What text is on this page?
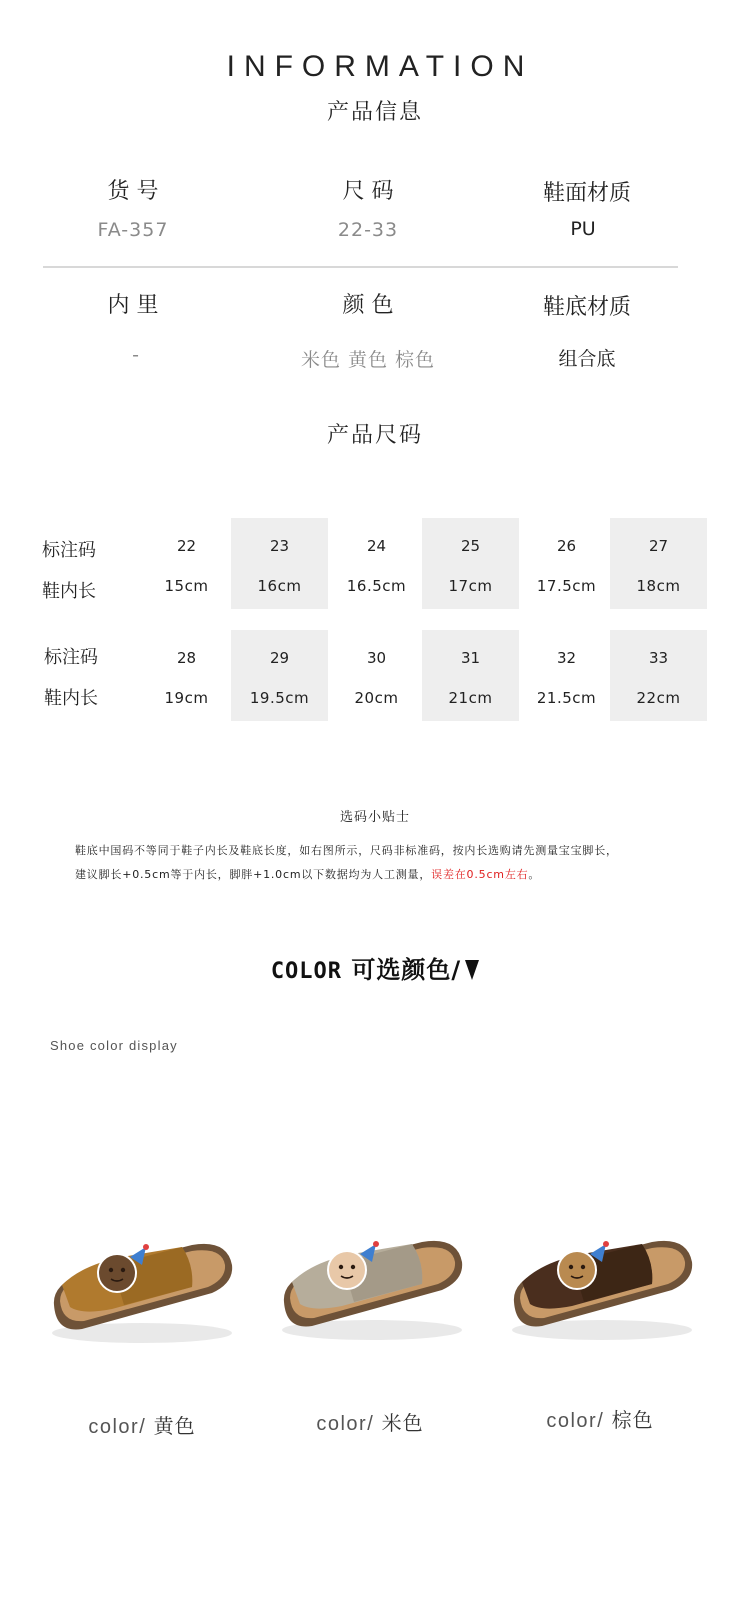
INFORMATION
产品信息
货 号
FA-357
尺 码
22-33
鞋面材质
PU
内 里
-
颜 色
米色 黄色 棕色
鞋底材质
组合底
产品尺码
标注码
鞋内长
22
15cm
23
16cm
24
16.5cm
25
17cm
26
17.5cm
27
18cm
标注码
鞋内长
28
19cm
29
19.5cm
30
20cm
31
21cm
32
21.5cm
33
22cm
选码小贴士
鞋底中国码不等同于鞋子内长及鞋底长度，如右图所示，尺码非标准码，按内长选购请先测量宝宝脚长，
建议脚长+0.5cm等于内长，脚胖+1.0cm以下数据均为人工测量，误差在0.5cm左右。
COLOR 可选颜色/
Shoe color display
color/ 黄色	color/ 米色	color/ 棕色
